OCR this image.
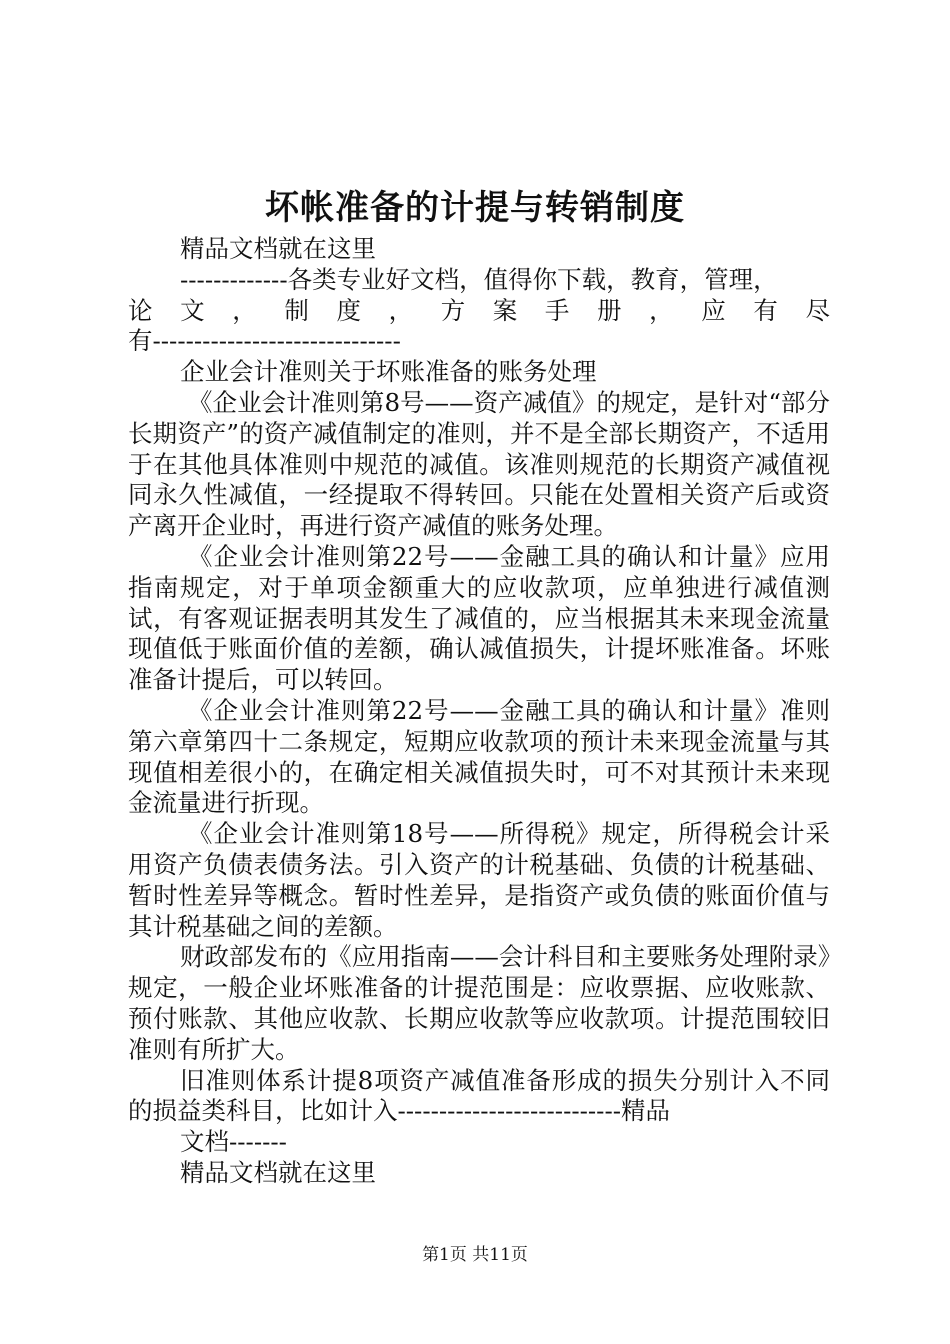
坏帐准备的计提与转销制度

精品文档就在这里

-------------各类专业好文档，值得你下载，教育，管理，

论 文 ， 制 度 ， 方 案 手 册 ， 应 有 尽

有------------------------------

企业会计准则关于坏账准备的账务处理

《企业会计准则第8号——资产减值》的规定，是针对“部分长期资产”的资产减值制定的准则，并不是全部长期资产，不适用于在其他具体准则中规范的减值。该准则规范的长期资产减值视同永久性减值，一经提取不得转回。只能在处置相关资产后或资产离开企业时，再进行资产减值的账务处理。

《企业会计准则第22号——金融工具的确认和计量》应用指南规定，对于单项金额重大的应收款项，应单独进行减值测试，有客观证据表明其发生了减值的，应当根据其未来现金流量现值低于账面价值的差额，确认减值损失，计提坏账准备。坏账准备计提后，可以转回。

《企业会计准则第22号——金融工具的确认和计量》准则第六章第四十二条规定，短期应收款项的预计未来现金流量与其现值相差很小的，在确定相关减值损失时，可不对其预计未来现金流量进行折现。

《企业会计准则第18号——所得税》规定，所得税会计采用资产负债表债务法。引入资产的计税基础、负债的计税基础、暂时性差异等概念。暂时性差异，是指资产或负债的账面价值与其计税基础之间的差额。

财政部发布的《应用指南——会计科目和主要账务处理附录》规定，一般企业坏账准备的计提范围是：应收票据、应收账款、预付账款、其他应收款、长期应收款等应收款项。计提范围较旧准则有所扩大。

旧准则体系计提8项资产减值准备形成的损失分别计入不同的损益类科目，比如计入---------------------------精品

文档-------

精品文档就在这里

第1页 共11页
